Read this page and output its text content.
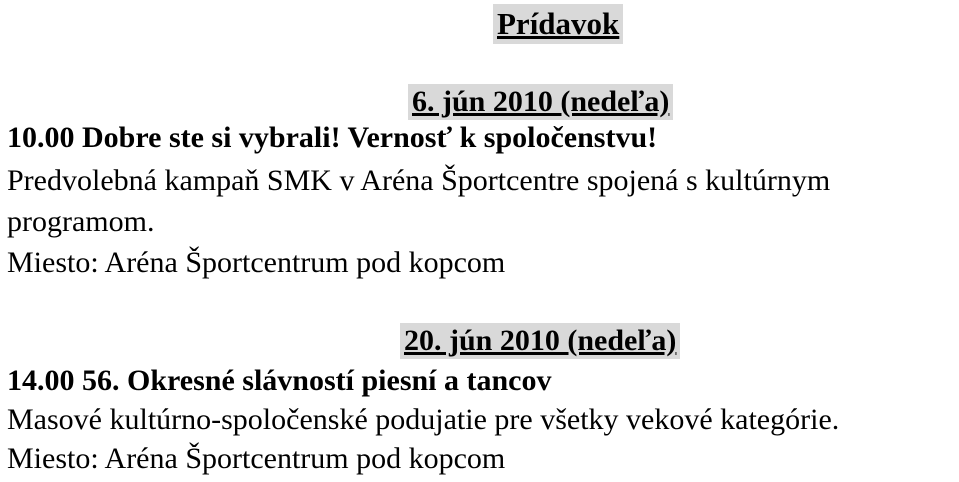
Prídavok
6. jún 2010 (nedeľa)
10.00 Dobre ste si vybrali! Vernosť k spoločenstvu!
Predvolebná kampaň SMK v Aréna Športcentre spojená s kultúrnym
programom.
Miesto: Aréna Športcentrum pod kopcom
20. jún 2010 (nedeľa)
14.00 56. Okresné slávností piesní a tancov
Masové kultúrno-spoločenské podujatie pre všetky vekové kategórie.
Miesto: Aréna Športcentrum pod kopcom
